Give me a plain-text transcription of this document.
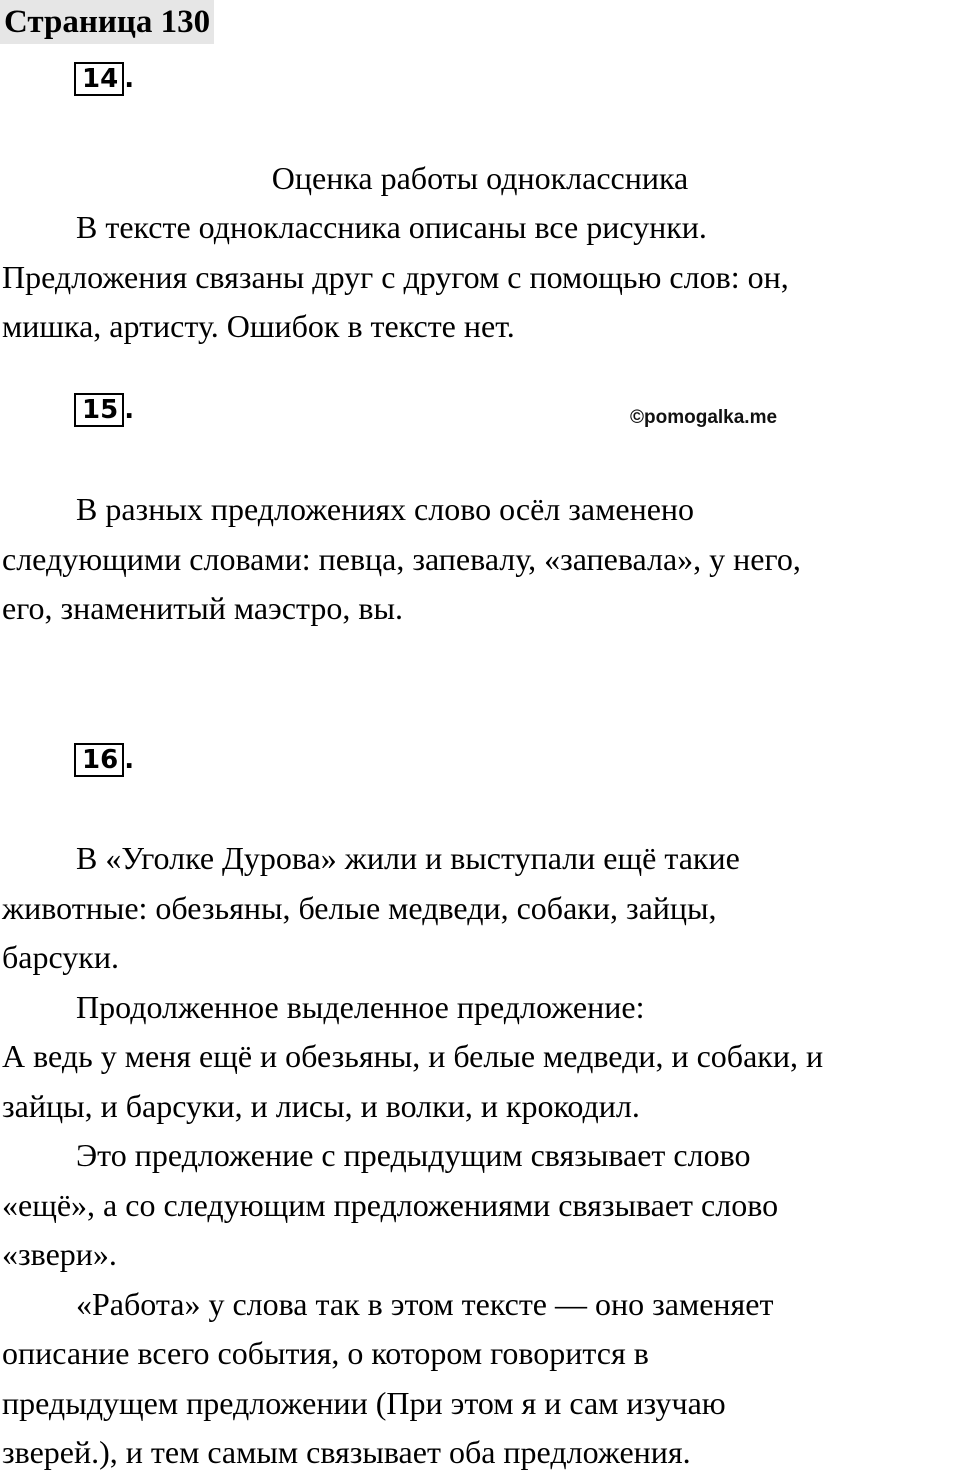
Страница 130
14 .
Оценка работы одноклассника
В тексте одноклассника описаны все рисунки.
Предложения связаны друг с другом с помощью слов: он,
мишка, артисту. Ошибок в тексте нет.
15 .	©pomogalka.me
В разных предложениях слово осёл заменено
следующими словами: певца, запевалу, «запевала», у него,
его, знаменитый маэстро, вы.
16 .
В «Уголке Дурова» жили и выступали ещё такие
животные: обезьяны, белые медведи, собаки, зайцы,
барсуки.
Продолженное выделенное предложение:
А ведь у меня ещё и обезьяны, и белые медведи, и собаки, и
зайцы, и барсуки, и лисы, и волки, и крокодил.
Это предложение с предыдущим связывает слово
«ещё», а со следующим предложениями связывает слово
«звери».
«Работа» у слова так в этом тексте — оно заменяет
описание всего события, о котором говорится в
предыдущем предложении (При этом я и сам изучаю
зверей.), и тем самым связывает оба предложения.
